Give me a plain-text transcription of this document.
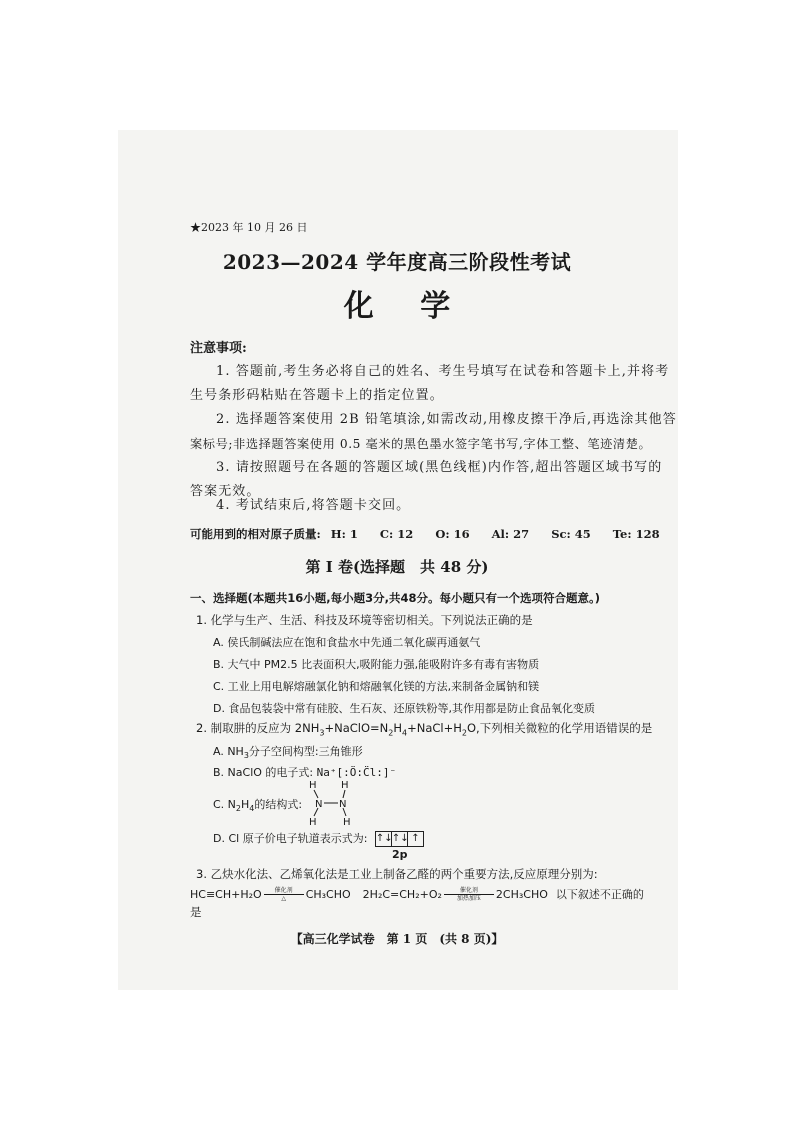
★2023 年 10 月 26 日
2023—2024 学年度高三阶段性考试
化 学
注意事项:
1. 答题前,考生务必将自己的姓名、考生号填写在试卷和答题卡上,并将考
生号条形码粘贴在答题卡上的指定位置。
2. 选择题答案使用 2B 铅笔填涂,如需改动,用橡皮擦干净后,再选涂其他答
案标号;非选择题答案使用 0.5 毫米的黑色墨水签字笔书写,字体工整、笔迹清楚。
3. 请按照题号在各题的答题区域(黑色线框)内作答,超出答题区域书写的
答案无效。
4. 考试结束后,将答题卡交回。
可能用到的相对原子质量: H: 1 C: 12 O: 16 Al: 27 Sc: 45 Te: 128
第 I 卷(选择题　共 48 分)
一、选择题(本题共16小题,每小题3分,共48分。每小题只有一个选项符合题意。)
1. 化学与生产、生活、科技及环境等密切相关。下列说法正确的是
A. 侯氏制碱法应在饱和食盐水中先通二氧化碳再通氨气
B. 大气中 PM2.5 比表面积大,吸附能力强,能吸附许多有毒有害物质
C. 工业上用电解熔融氯化钠和熔融氧化镁的方法,来制备金属钠和镁
D. 食品包装袋中常有硅胶、生石灰、还原铁粉等,其作用都是防止食品氧化变质
2. 制取肼的反应为 $2NH_3+NaClO=N_2H_4+NaCl+H_2O$,下列相关微粒的化学用语错误的是
A. $NH_3$分子空间构型:三角锥形
B. NaClO 的电子式: Na⁺[:Ö:C̈l:]⁻
C. $N_2H_4$的结构式:
H H
N N
H	H
D. Cl 原子价电子轨道表示式为: ↑↓ ↑↓ ↑
2p
3. 乙炔水化法、乙烯氧化法是工业上制备乙醛的两个重要方法,反应原理分别为:
HC≡CH+H₂O 催化剂
△ CH₃CHO 2H₂C=CH₂+O₂	催化剂
加热加压 2CH₃CHO 以下叙述不正确的
是
【高三化学试卷　第 1 页　(共 8 页)】
